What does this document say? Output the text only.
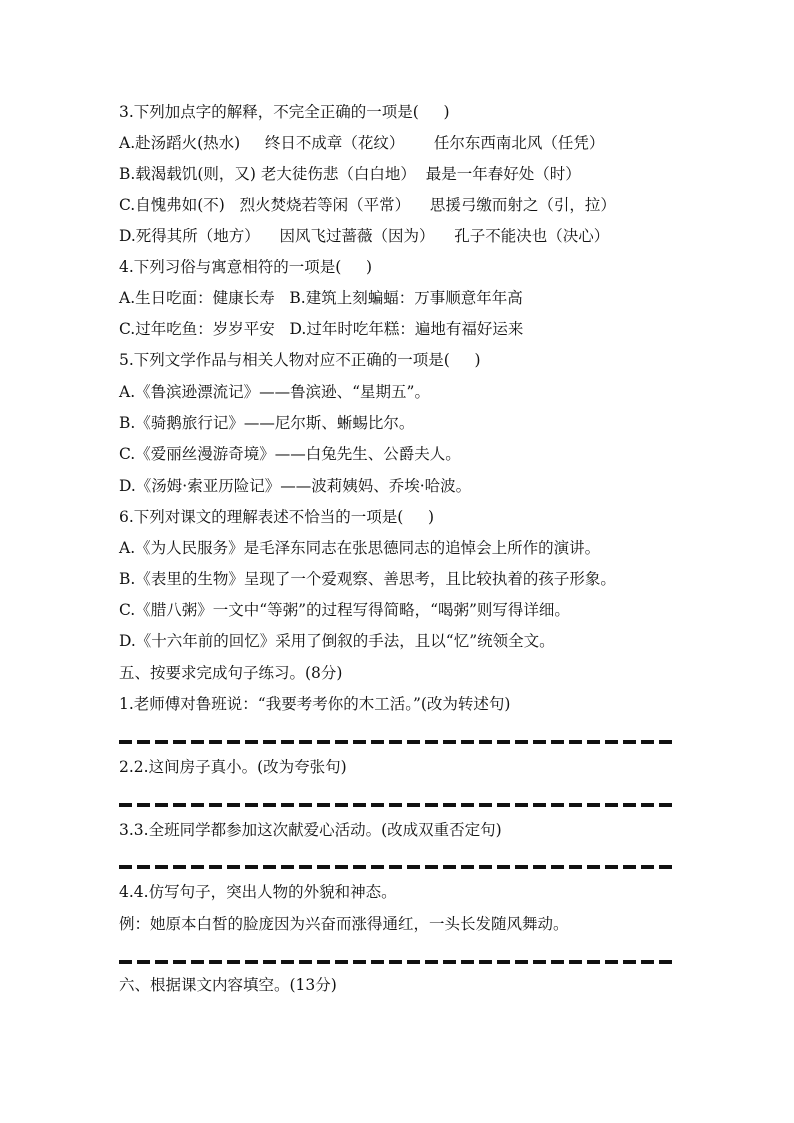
3.下列加点字的解释，不完全正确的一项是(     )
A.赴汤蹈火(热水)     终日不成章（花纹）      任尔东西南北风（任凭）
B.载渴载饥(则，又) 老大徒伤悲（白白地）  最是一年春好处（时）
C.自愧弗如(不)   烈火焚烧若等闲（平常）    思援弓缴而射之（引，拉）
D.死得其所（地方）    因风飞过蔷薇（因为）    孔子不能决也（决心）
4.下列习俗与寓意相符的一项是(     )
A.生日吃面：健康长寿   B.建筑上刻蝙蝠：万事顺意年年高
C.过年吃鱼：岁岁平安   D.过年时吃年糕：遍地有福好运来
5.下列文学作品与相关人物对应不正确的一项是(     )
A.《鲁滨逊漂流记》——鲁滨逊、“星期五”。
B.《骑鹅旅行记》——尼尔斯、蜥蜴比尔。
C.《爱丽丝漫游奇境》——白兔先生、公爵夫人。
D.《汤姆·索亚历险记》——波莉姨妈、乔埃·哈波。
6.下列对课文的理解表述不恰当的一项是(     )
A.《为人民服务》是毛泽东同志在张思德同志的追悼会上所作的演讲。
B.《表里的生物》呈现了一个爱观察、善思考，且比较执着的孩子形象。
C.《腊八粥》一文中“等粥”的过程写得简略，“喝粥”则写得详细。
D.《十六年前的回忆》采用了倒叙的手法，且以“忆”统领全文。
五、按要求完成句子练习。(8分)
1.老师傅对鲁班说：“我要考考你的木工活。”(改为转述句)
2.2.这间房子真小。(改为夸张句)
3.3.全班同学都参加这次献爱心活动。(改成双重否定句)
4.4.仿写句子，突出人物的外貌和神态。
例：她原本白皙的脸庞因为兴奋而涨得通红，一头长发随风舞动。
六、根据课文内容填空。(13分)
